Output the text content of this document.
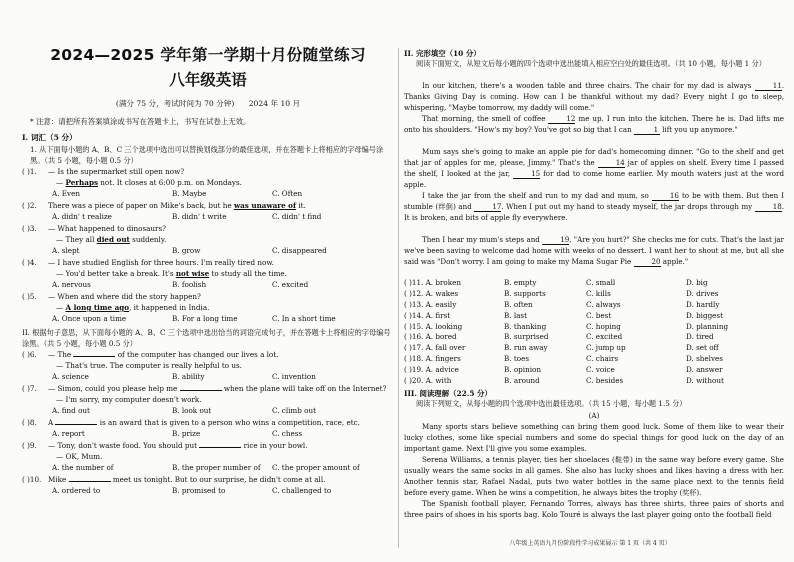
2024—2025 学年第一学期十月份随堂练习
八年级英语
(满分 75 分，考试时间为 70 分钟) 2024 年 10 月
* 注意：请把所有答案填涂或书写在答题卡上，书写在试卷上无效。
I. 词汇（5 分）
1. 从下面每小题的 A、B、C 三个选项中选出可以替换划线部分的最佳选项，并在答题卡上将相应的字母编号涂黑。（共 5 小题，每小题 0.5 分）
( )1. — Is the supermarket still open now?
— Perhaps not. It closes at 6:00 p.m. on Mondays.
A. Even	B. Maybe	C. Often
( )2. There was a piece of paper on Mike's back, but he was unaware of it.
A. didn' t realize	B. didn' t write	C. didn' t find
( )3. — What happened to dinosaurs?
— They all died out suddenly.
A. slept	B. grow	C. disappeared
( )4. — I have studied English for three hours. I'm really tired now.
— You'd better take a break. It's not wise to study all the time.
A. nervous	B. foolish	C. excited
( )5. — When and where did the story happen?
— A long time ago, it happened in India.
A. Once upon a time	B. For a long time	C. In a short time
II. 根据句子意思，从下面每小题的 A、B、C 三个选项中选出恰当的词语完成句子，并在答题卡上将相应的字母编号涂黑。（共 5 小题，每小题 0.5 分）
( )6. — The	of the computer has changed our lives a lot.
— That's true. The computer is really helpful to us.
A. science	B. ability	C. invention
( )7. — Simon, could you please help me	when the plane will take off on the Internet?
— I'm sorry, my computer doesn't work.
A. find out	B. look out	C. climb out
( )8. A	is an award that is given to a person who wins a competition, race, etc.
A. report	B. prize	C. chess
( )9. — Tony, don't waste food. You should put	rice in your bowl.
— OK, Mum.
A. the number of	B. the proper number of C. the proper amount of
( )10. Mike	meet us tonight. But to our surprise, he didn't come at all.
A. ordered to	B. promised to	C. challenged to
II. 完形填空（10 分）
阅读下面短文，从短文后每小题的四个选项中选出能填入相应空白处的最佳选项。（共 10 小题，每小题 1 分）
In our kitchen, there's a wooden table and three chairs. The chair for my dad is always	11. Thanks Giving Day is coming. How can I be thankful without my dad? Every night I go to sleep, whispering, "Maybe tomorrow, my daddy will come."
That morning, the smell of coffee	12 me up. I run into the kitchen. There he is. Dad lifts me onto his shoulders. "How's my boy? You've got so big that I can	1 lift you up anymore."
Mum says she's going to make an apple pie for dad's homecoming dinner. "Go to the shelf and get that jar of apples for me, please, Jimmy." That's the	14 jar of apples on shelf. Every time I passed the shelf, I looked at the jar,	15 for dad to come home earlier. My mouth waters just at the word apple.
I take the jar from the shelf and run to my dad and mum, so	16 to be with them. But then I stumble (绊倒) and	17. When I put out my hand to steady myself, the jar drops through my	18. It is broken, and bits of apple fly everywhere.
Then I hear my mum's steps and	19, "Are you hurt?" She checks me for cuts. That's the last jar we've been saving to welcome dad home with weeks of no dessert. I want her to shout at me, but all she said was "Don't worry. I am going to make my Mama Sugar Pie	20 apple."
( )11. A. broken	B. empty	C. small	D. big
( )12. A. wakes	B. supports	C. kills	D. drives
( )13. A. easily	B. often	C. always	D. hardly
( )14. A. first	B. last	C. best	D. biggest
( )15. A. looking	B. thanking	C. hoping	D. planning
( )16. A. bored	B. surprised	C. excited	D. tired
( )17. A. fall over	B. run away	C. jump up	D. set off
( )18. A. fingers	B. toes	C. chairs	D. shelves
( )19. A. advice	B. opinion	C. voice	D. answer
( )20. A. with	B. around	C. besides	D. without
III. 阅读理解（22.5 分）
阅读下列短文，从每小题的四个选项中选出最佳选项。（共 15 小题，每小题 1.5 分）
(A)
Many sports stars believe something can bring them good luck. Some of them like to wear their lucky clothes, some like special numbers and some do special things for good luck on the day of an important game. Next I'll give you some examples.
Serena Williams, a tennis player, ties her shoelaces (鞋带) in the same way before every game. She usually wears the same socks in all games. She also has lucky shoes and likes having a dress with her. Another tennis star, Rafael Nadal, puts two water bottles in the same place next to the tennis field before every game. When he wins a competition, he always bites the trophy (奖杯).
The Spanish football player, Fernando Torres, always has three shirts, three pairs of shorts and three pairs of shoes in his sports bag. Kolo Touré is always the last player going onto the football field
八年级上英语九月份阶段性学习成果展示 第 1 页（共 4 页）
